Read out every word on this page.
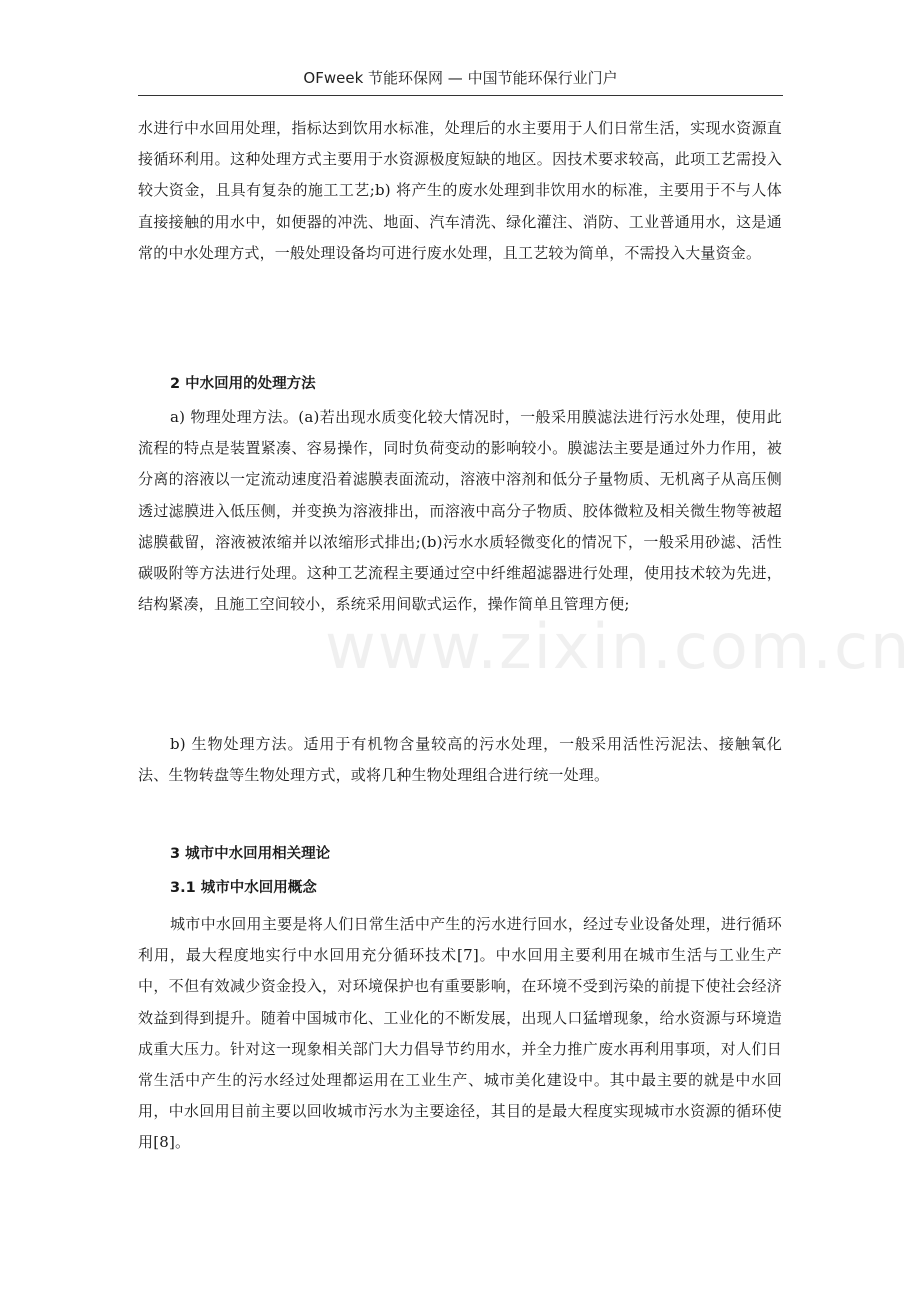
OFweek 节能环保网 — 中国节能环保行业门户
www.zixin.com.cn

水进行中水回用处理，指标达到饮用水标准，处理后的水主要用于人们日常生活，实现水资源直接循环利用。这种处理方式主要用于水资源极度短缺的地区。因技术要求较高，此项工艺需投入较大资金，且具有复杂的施工工艺;b) 将产生的废水处理到非饮用水的标准，主要用于不与人体直接接触的用水中，如便器的冲洗、地面、汽车清洗、绿化灌注、消防、工业普通用水，这是通常的中水处理方式，一般处理设备均可进行废水处理，且工艺较为简单，不需投入大量资金。

2 中水回用的处理方法

a) 物理处理方法。(a)若出现水质变化较大情况时，一般采用膜滤法进行污水处理，使用此流程的特点是装置紧凑、容易操作，同时负荷变动的影响较小。膜滤法主要是通过外力作用，被分离的溶液以一定流动速度沿着滤膜表面流动，溶液中溶剂和低分子量物质、无机离子从高压侧透过滤膜进入低压侧，并变换为溶液排出，而溶液中高分子物质、胶体微粒及相关微生物等被超滤膜截留，溶液被浓缩并以浓缩形式排出;(b)污水水质轻微变化的情况下，一般采用砂滤、活性碳吸附等方法进行处理。这种工艺流程主要通过空中纤维超滤器进行处理，使用技术较为先进，结构紧凑，且施工空间较小，系统采用间歇式运作，操作简单且管理方便;

b) 生物处理方法。适用于有机物含量较高的污水处理，一般采用活性污泥法、接触氧化法、生物转盘等生物处理方式，或将几种生物处理组合进行统一处理。

3 城市中水回用相关理论
3.1 城市中水回用概念

城市中水回用主要是将人们日常生活中产生的污水进行回水，经过专业设备处理，进行循环利用，最大程度地实行中水回用充分循环技术[7]。中水回用主要利用在城市生活与工业生产中，不但有效减少资金投入，对环境保护也有重要影响，在环境不受到污染的前提下使社会经济效益到得到提升。随着中国城市化、工业化的不断发展，出现人口猛增现象，给水资源与环境造成重大压力。针对这一现象相关部门大力倡导节约用水，并全力推广废水再利用事项，对人们日常生活中产生的污水经过处理都运用在工业生产、城市美化建设中。其中最主要的就是中水回用，中水回用目前主要以回收城市污水为主要途径，其目的是最大程度实现城市水资源的循环使用[8]。
